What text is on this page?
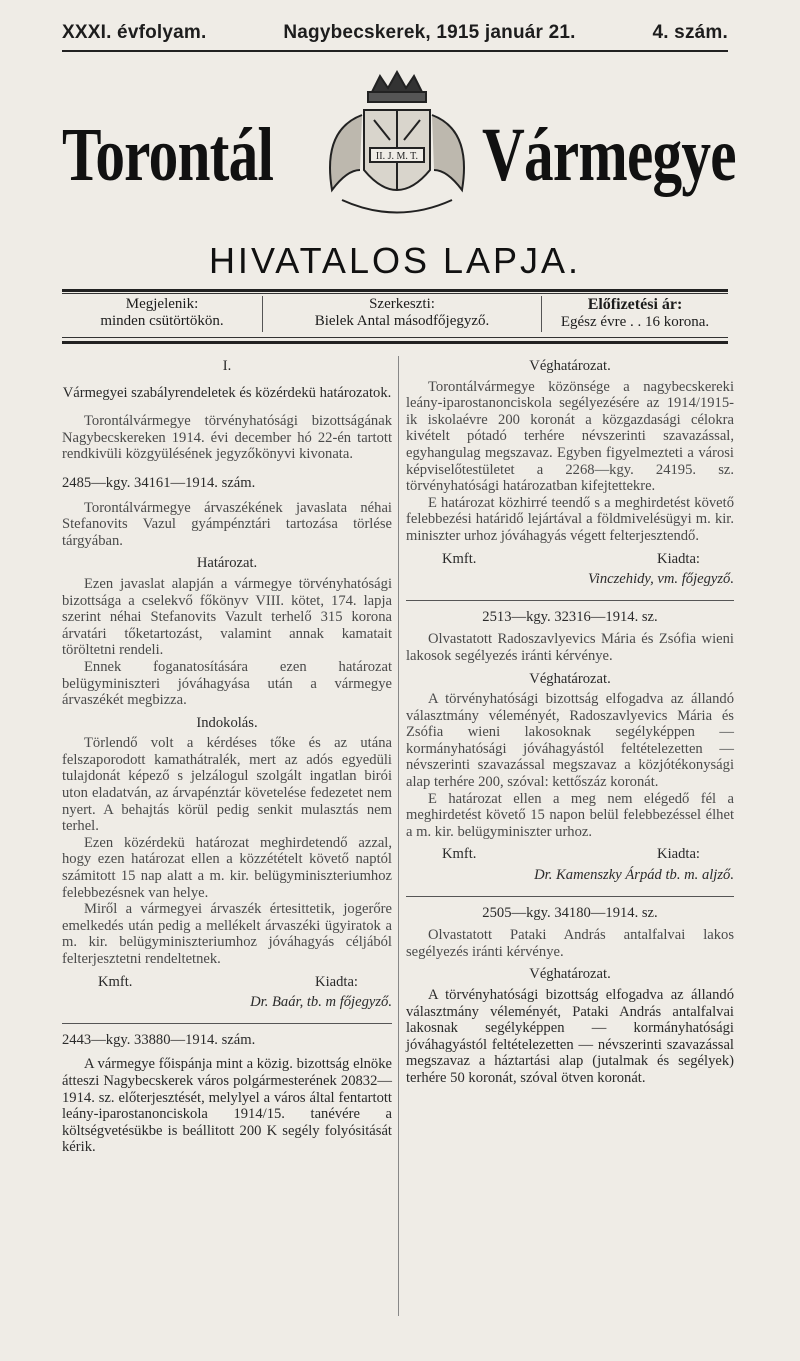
XXXI. évfolyam.	Nagybecskerek, 1915 január 21.	4. szám.
Torontál	II. J. M. T. Vármegye
HIVATALOS LAPJA.
Megjelenik:
minden csütörtökön.
Szerkeszti:
Bielek Antal másodfőjegyző.
Előfizetési ár:
Egész évre . . 16 korona.

I.

Vármegyei szabályrendeletek és közérdekü határozatok.

Torontálvármegye törvényhatósági bizottságának Nagybecskereken 1914. évi december hó 22-én tartott rendkivüli közgyülésének jegyzőkönyvi kivonata.

2485—kgy. 34161—1914. szám.

Torontálvármegye árvaszékének javaslata néhai Stefanovits Vazul gyámpénztári tartozása törlése tárgyában.

Határozat.

Ezen javaslat alapján a vármegye törvényhatósági bizottsága a cselekvő főkönyv VIII. kötet, 174. lapja szerint néhai Stefanovits Vazult terhelő 315 korona árvatári tőketartozást, valamint annak kamatait töröltetni rendeli.

Ennek foganatosítására ezen határozat belügyminiszteri jóváhagyása után a vármegye árvaszékét megbizza.

Indokolás.

Törlendő volt a kérdéses tőke és az utána felszaporodott kamathátralék, mert az adós egyedüli tulajdonát képező s jelzálogul szolgált ingatlan birói uton eladatván, az árvapénztár követelése fedezetet nem nyert. A behajtás körül pedig senkit mulasztás nem terhel.

Ezen közérdekü határozat meghirdetendő azzal, hogy ezen határozat ellen a közzétételt követő naptól számitott 15 nap alatt a m. kir. belügyminiszteriumhoz felebbezésnek van helye.

Miről a vármegyei árvaszék értesittetik, jogerőre emelkedés után pedig a mellékelt árvaszéki ügyiratok a m. kir. belügyminiszteriumhoz jóváhagyás céljából felterjesztetni rendeltetnek.

Kmft.	Kiadta:

Dr. Baár, tb. m főjegyző.

2443—kgy. 33880—1914. szám.

A vármegye főispánja mint a közig. bizottság elnöke átteszi Nagybecskerek város polgármesterének 20832—1914. sz. előterjesztését, melylyel a város által fentartott leány-iparostanonciskola 1914/15. tanévére a költségvetésükbe is beállitott 200 K segély folyósitását kérik.

Véghatározat.

Torontálvármegye közönsége a nagybecskereki leány-iparostanonciskola segélyezésére az 1914/1915-ik iskolaévre 200 koronát a közgazdasági célokra kivételt pótadó terhére névszerinti szavazással, egyhangulag megszavaz. Egyben figyelmezteti a városi képviselőtestületet a 2268—kgy. 24195. sz. törvényhatósági határozatban kifejtettekre.

E határozat közhirré teendő s a meghirdetést követő felebbezési határidő lejártával a földmivelésügyi m. kir. miniszter urhoz jóváhagyás végett felterjesztendő.

Kmft.	Kiadta:

Vinczehidy, vm. főjegyző.

2513—kgy. 32316—1914. sz.

Olvastatott Radoszavlyevics Mária és Zsófia wieni lakosok segélyezés iránti kérvénye.

Véghatározat.

A törvényhatósági bizottság elfogadva az állandó választmány véleményét, Radoszavlyevics Mária és Zsófia wieni lakosoknak segélyképpen — kormányhatósági jóváhagyástól feltételezetten — névszerinti szavazással megszavaz a közjótékonysági alap terhére 200, szóval: kettőszáz koronát.

E határozat ellen a meg nem elégedő fél a meghirdetést követő 15 napon belül felebbezéssel élhet a m. kir. belügyminiszter urhoz.

Kmft.	Kiadta:

Dr. Kamenszky Árpád tb. m. aljző.

2505—kgy. 34180—1914. sz.

Olvastatott Pataki András antalfalvai lakos segélyezés iránti kérvénye.

Véghatározat.

A törvényhatósági bizottság elfogadva az állandó választmány véleményét, Pataki András antalfalvai lakosnak segélyképpen — kormányhatósági jóváhagyástól feltételezetten — névszerinti szavazással megszavaz a háztartási alap (jutalmak és segélyek) terhére 50 koronát, szóval ötven koronát.
